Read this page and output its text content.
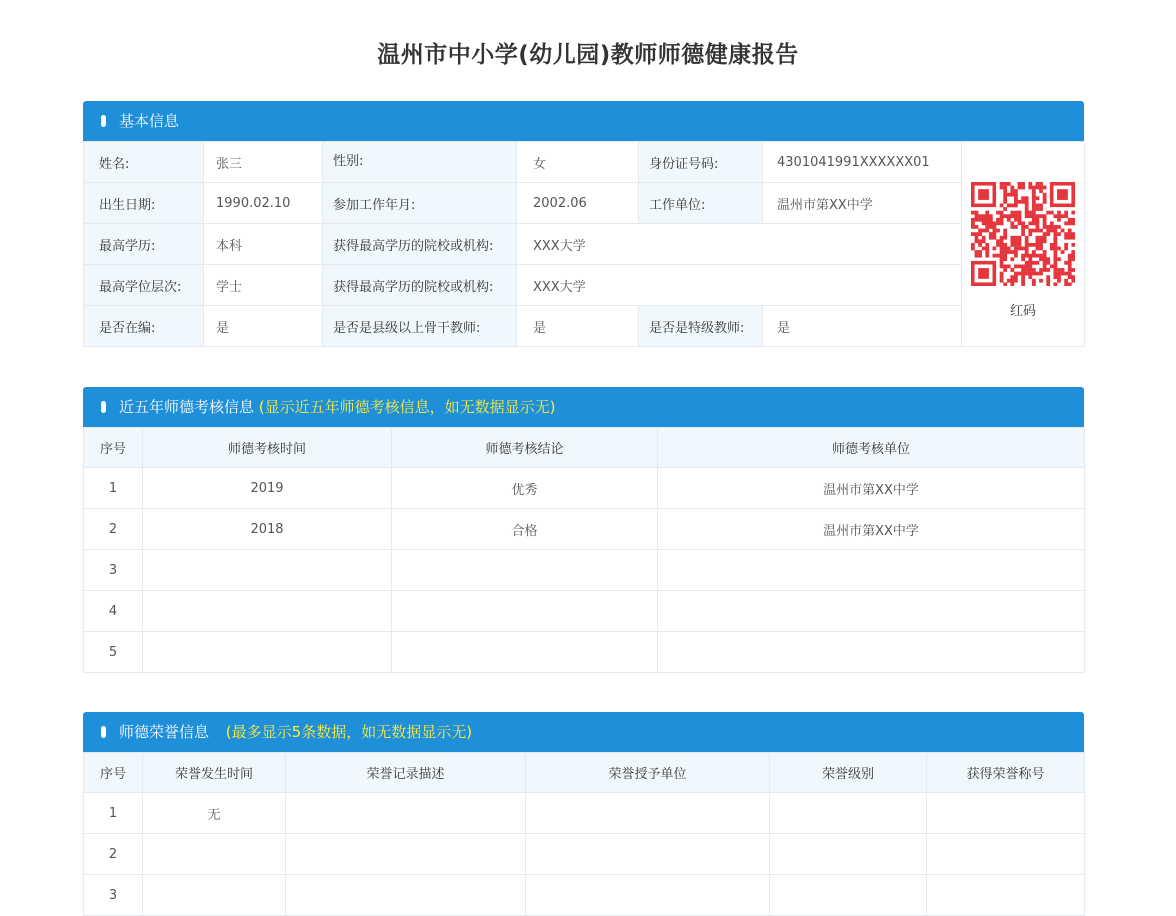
温州市中小学(幼儿园)教师师德健康报告
基本信息
姓名:	张三	性别:	女	身份证号码:	4301041991XXXXXX01	红码

出生日期:	1990.02.10	参加工作年月:	2002.06	工作单位:	温州市第XX中学	
最高学历:	本科	获得最高学历的院校或机构:	XXX大学			
最高学位层次:	学士	获得最高学历的院校或机构:	XXX大学			
是否在编:	是	是否是县级以上骨干教师:	是	是否是特级教师:	是	
近五年师德考核信息 (显示近五年师德考核信息，如无数据显示无)
序号	师德考核时间	师德考核结论	师德考核单位
1	2019	优秀	温州市第XX中学
2	2018	合格	温州市第XX中学
3			
4			
5			
师德荣誉信息 (最多显示5条数据，如无数据显示无)
序号	荣誉发生时间	荣誉记录描述	荣誉授予单位	荣誉级别	获得荣誉称号
1	无				
2					
3					
